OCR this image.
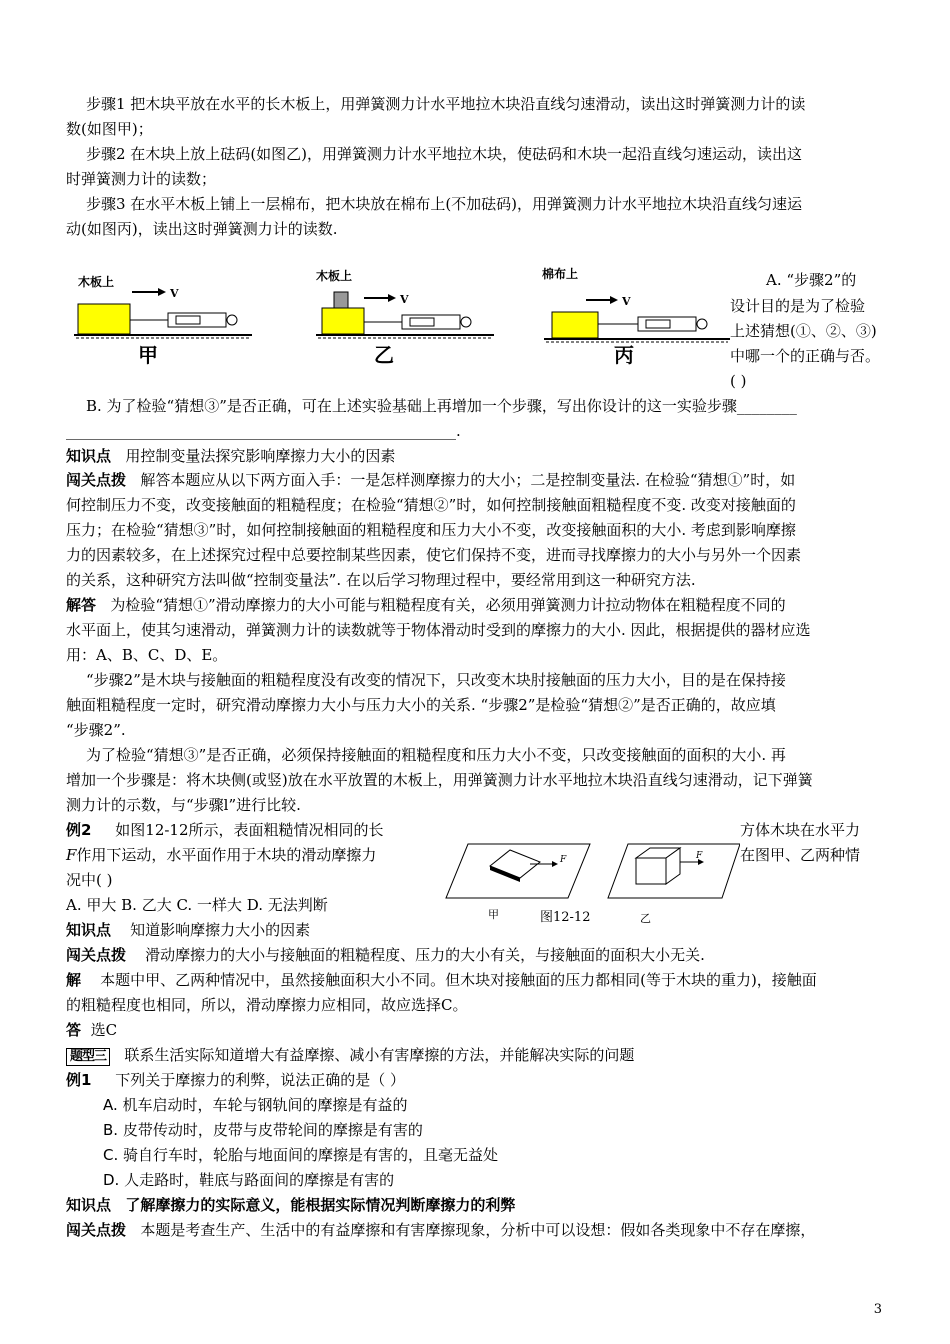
步骤1 把木块平放在水平的长木板上，用弹簧测力计水平地拉木块沿直线匀速滑动，读出这时弹簧测力计的读
数(如图甲)；
步骤2 在木块上放上砝码(如图乙)，用弹簧测力计水平地拉木块，使砝码和木块一起沿直线匀速运动，读出这
时弹簧测力计的读数；
步骤3 在水平木板上铺上一层棉布，把木块放在棉布上(不加砝码)，用弹簧测力计水平地拉木块沿直线匀速运
动(如图丙)，读出这时弹簧测力计的读数.
木板上
V
甲
木板上
V
乙
棉布上
V
丙
A. “步骤2”的
设计目的是为了检验
上述猜想(①、②、③)
中哪一个的正确与否。
( )
B. 为了检验“猜想③”是否正确，可在上述实验基础上再增加一个步骤，写出你设计的这一实验步骤________
____________________________________________________.
知识点 用控制变量法探究影响摩擦力大小的因素
闯关点拨 解答本题应从以下两方面入手：一是怎样测摩擦力的大小；二是控制变量法. 在检验“猜想①”时，如
何控制压力不变，改变接触面的粗糙程度；在检验“猜想②”时，如何控制接触面粗糙程度不变. 改变对接触面的
压力；在检验“猜想③”时，如何控制接触面的粗糙程度和压力大小不变，改变接触面积的大小. 考虑到影响摩擦
力的因素较多，在上述探究过程中总要控制某些因素，使它们保持不变，进而寻找摩擦力的大小与另外一个因素
的关系，这种研究方法叫做“控制变量法”. 在以后学习物理过程中，要经常用到这一种研究方法.
解答 为检验“猜想①”滑动摩擦力的大小可能与粗糙程度有关，必须用弹簧测力计拉动物体在粗糙程度不同的
水平面上，使其匀速滑动，弹簧测力计的读数就等于物体滑动时受到的摩擦力的大小. 因此，根据提供的器材应选
用：A、B、C、D、E。
“步骤2”是木块与接触面的粗糙程度没有改变的情况下，只改变木块肘接触面的压力大小，目的是在保持接
触面粗糙程度一定时，研究滑动摩擦力大小与压力大小的关系. “步骤2”是检验“猜想②”是否正确的，故应填
“步骤2”.
为了检验“猜想③”是否正确，必须保持接触面的粗糙程度和压力大小不变，只改变接触面的面积的大小. 再
增加一个步骤是：将木块侧(或竖)放在水平放置的木板上，用弹簧测力计水平地拉木块沿直线匀速滑动，记下弹簧
测力计的示数，与“步骤l”进行比较.
例2 如图12-12所示，表面粗糙情况相同的长	方体木块在水平力
F作用下运动，水平面作用于木块的滑动摩擦力	在图甲、乙两种情
况中( )
A. 甲大 B. 乙大 C. 一样大 D. 无法判断
F	F
甲	乙
图12-12
知识点 知道影响摩擦力大小的因素
闯关点拨 滑动摩擦力的大小与接触面的粗糙程度、压力的大小有关，与接触面的面积大小无关.
解 本题中甲、乙两种情况中，虽然接触面积大小不同。但木块对接触面的压力都相同(等于木块的重力)，接触面
的粗糙程度也相同，所以，滑动摩擦力应相同，故应选择C。
答 选C
题型三 联系生活实际知道增大有益摩擦、减小有害摩擦的方法，并能解决实际的问题
例1 下列关于摩擦力的利弊，说法正确的是（ ）
A. 机车启动时，车轮与钢轨间的摩擦是有益的
B. 皮带传动时，皮带与皮带轮间的摩擦是有害的
C. 骑自行车时，轮胎与地面间的摩擦是有害的，且毫无益处
D. 人走路时，鞋底与路面间的摩擦是有害的
知识点 了解摩擦力的实际意义，能根据实际情况判断摩擦力的利弊
闯关点拨 本题是考查生产、生活中的有益摩擦和有害摩擦现象，分析中可以设想：假如各类现象中不存在摩擦，
3
